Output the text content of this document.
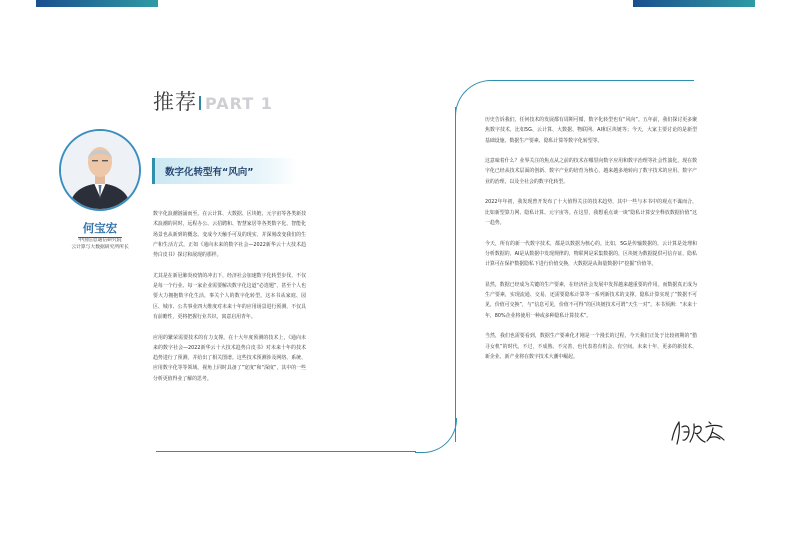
推荐 PART 1
何宝宏
中国信息通信研究院
云计算与大数据研究所所长
数字化转型有“风向”

数字化浪潮汹涌而至。在云计算、大数据、区块链、元宇宙等各类新技术浪潮的同时，远程办公、云招聘和、智慧家居等各类数字化、智能化场景也从新到的概念、变成今天触手可及的现实，并深刻改变我们的生产和生活方式。正如《通向未来的数字社会—2022新华云十大技术趋势白皮书》探讨和展现的那样。

尤其是在新冠肺炎疫情的冲击下，经济社会加速数字化转型步伐，不仅是每一个行业、每一家企业需要解决数字化这道“必选题”，甚至个人也要大力拥抱数字化生活，事关个人的数字化转型。这本书从家庭、园区、城市、公共事业四大维度对未来十年的应用场景进行预测，不仅具有前瞻性，更将把握行业共识，寓意启用青年。

应用的繁荣需要技术的有力支撑。在十大年度预测的技术上，《通向未来的数字社会—2022新华云十大技术趋势白皮书》对未来十年的技术趋势进行了预测，并给出了相关图谱。这些技术预测涉及网络、系统、应用数字化等等领域，视角上同时具备了“宽度”和“深度”，其中的一些分析更值得业了解的思考。

历史告诉我们，任何技术的发展都有周期可循，数字化转型也有“风向”。五年前，我们探讨更多聚焦数字技术，比如5G、云计算、大数据、物联网、AI和区块链等；今天，大家主要讨论的是新型基础设施、数据生产要素、隐私计算等数字化转型等。

这意味着什么？业界关注的焦点从之前的技术在哪里向数字应用和数字治理等社会性演化，现在数字化已经从技术层面的创新、数字产业的培育为核心，越来越多地转向了数字技术的应用、数字产业的治理，以及全社会的数字化转型。

2022年年初，我发现曾开发布了十大值得关注的技术趋势，其中一些与本书中的观点不谋而合，比如新型算力网、隐私计算、元宇宙等。在这里，我想重点谈一谈“隐私计算安全释放数据价值”这一趋势。

今天，所有的新一代数字技术，都是以数据为核心的。比如，5G是传输数据的，云计算是处理和分析数据的，AI是从数据中发现规律的，物联网是采集数据的，区块链为数据提供可信存证，隐私计算可在保护数据隐私下进行价值交换，大数据是从海量数据中“挖掘”价值等。

显然，数据已经成为关键的生产要素，在经济社会发展中发挥越来越重要的作用。而数据真正成为生产要素，实现流通、交易，还需要隐私计算等一系列新技术的支撑。隐私计算实现了“数据不可见，价值可交换”，与“信息可见，价值不可得”的区块链技术可谓“天生一对”。本书预测：“未来十年，80%企业将使用一种或多种隐私计算技术”。

当然，我们也需要看到，数据生产要素化才刚是一个漫长的过程，今天我们正处于比较初期的“猎寻女机”的时代。不过，不成熟、不完善，也代表着有机会、有空间。未来十年，更多的新技术、新企业、新产业将在数字技术大潮中崛起。
